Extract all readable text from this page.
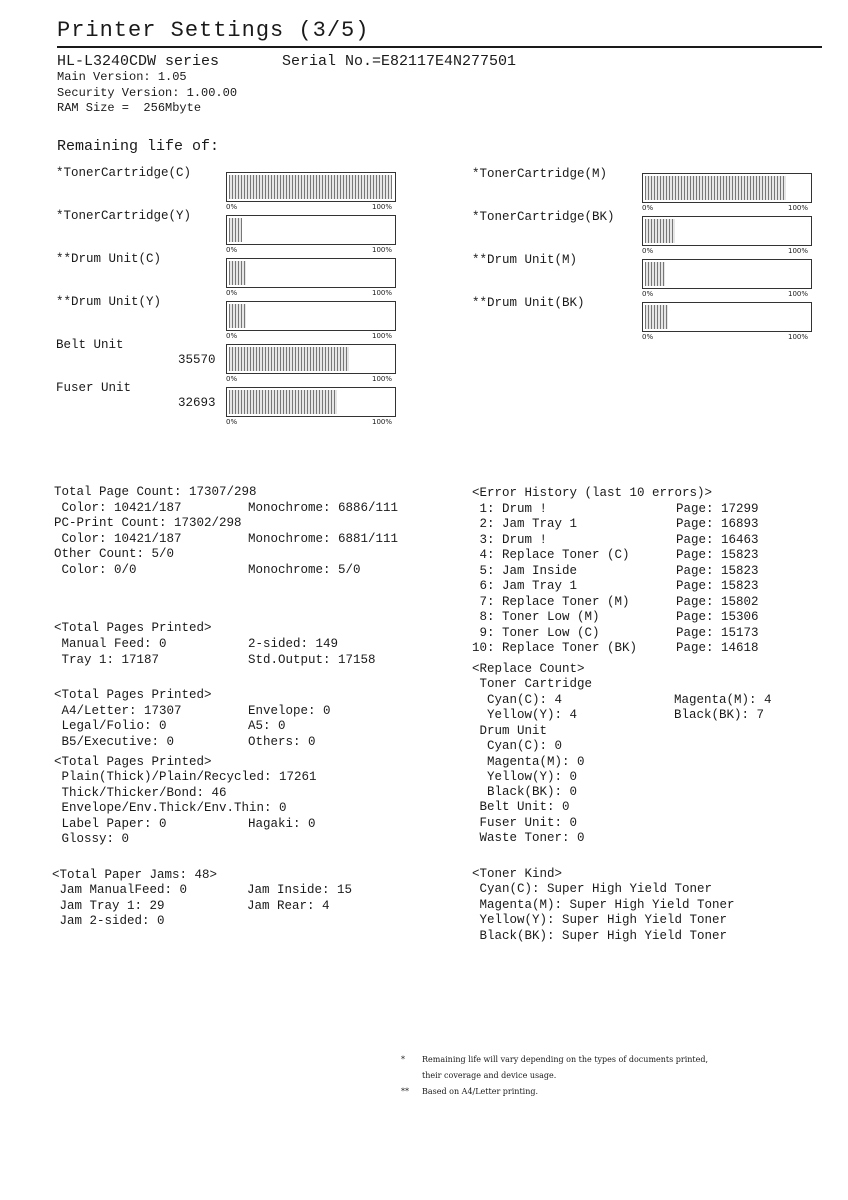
Printer Settings (3/5)
HL-L3240CDW series	Serial No.=E82117E4N277501
Main Version: 1.05
Security Version: 1.00.00
RAM Size =  256Mbyte
Remaining life of:
*TonerCartridge(C)
0%	100%
*TonerCartridge(Y)
0%	100%
**Drum Unit(C)
0%	100%
**Drum Unit(Y)
0%	100%
Belt Unit
35570
0%	100%
Fuser Unit
32693
0%	100%
*TonerCartridge(M)
0%	100%
*TonerCartridge(BK)
0%	100%
**Drum Unit(M)
0%	100%
**Drum Unit(BK)
0%	100%
Total Page Count: 17307/298
Color: 10421/187	Monochrome: 6886/111
PC-Print Count: 17302/298
Color: 10421/187	Monochrome: 6881/111
Other Count: 5/0
Color: 0/0	Monochrome: 5/0
<Total Pages Printed>
Manual Feed: 0	2-sided: 149
Tray 1: 17187	Std.Output: 17158
<Total Pages Printed>
A4/Letter: 17307	Envelope: 0
Legal/Folio: 0	A5: 0
B5/Executive: 0	Others: 0
<Total Pages Printed>
Plain(Thick)/Plain/Recycled: 17261
Thick/Thicker/Bond: 46
Envelope/Env.Thick/Env.Thin: 0
Label Paper: 0	Hagaki: 0
Glossy: 0
<Total Paper Jams: 48>
Jam ManualFeed: 0	Jam Inside: 15
Jam Tray 1: 29	Jam Rear: 4
Jam 2-sided: 0
<Error History (last 10 errors)>
1: Drum !	Page: 17299
2: Jam Tray 1	Page: 16893
3: Drum !	Page: 16463
4: Replace Toner (C)	Page: 15823
5: Jam Inside	Page: 15823
6: Jam Tray 1	Page: 15823
7: Replace Toner (M)	Page: 15802
8: Toner Low (M)	Page: 15306
9: Toner Low (C)	Page: 15173
10: Replace Toner (BK)	Page: 14618
<Replace Count>
Toner Cartridge
Cyan(C): 4	Magenta(M): 4
Yellow(Y): 4	Black(BK): 7
Drum Unit
Cyan(C): 0
Magenta(M): 0
Yellow(Y): 0
Black(BK): 0
Belt Unit: 0
Fuser Unit: 0
Waste Toner: 0
<Toner Kind>
Cyan(C): Super High Yield Toner
Magenta(M): Super High Yield Toner
Yellow(Y): Super High Yield Toner
Black(BK): Super High Yield Toner
* Remaining life will vary depending on the types of documents printed,
their coverage and device usage.
** Based on A4/Letter printing.
